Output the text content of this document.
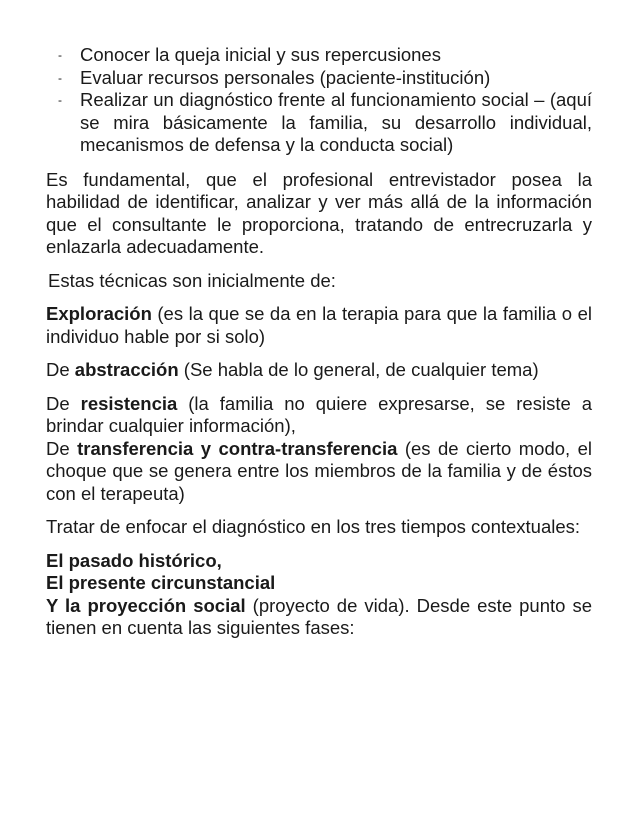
- Conocer la queja inicial y sus repercusiones
- Evaluar recursos personales (paciente-institución)
- Realizar un diagnóstico frente al funcionamiento social – (aquí se mira básicamente la familia, su desarrollo individual, mecanismos de defensa y la conducta social)

Es fundamental, que el profesional entrevistador posea la habilidad de identificar, analizar y ver más allá de la información que el consultante le proporciona, tratando de entrecruzarla y enlazarla adecuadamente.

Estas técnicas son inicialmente de:

Exploración (es la que se da en la terapia para que la familia o el individuo hable por si solo)

De abstracción (Se habla de lo general, de cualquier tema)

De resistencia (la familia no quiere expresarse, se resiste a brindar cualquier información),

De transferencia y contra-transferencia (es de cierto modo, el choque que se genera entre los miembros de la familia y de éstos con el terapeuta)

Tratar de enfocar el diagnóstico en los tres tiempos contextuales:

El pasado histórico,
El presente circunstancial
Y la proyección social (proyecto de vida). Desde este punto se tienen en cuenta las siguientes fases:
